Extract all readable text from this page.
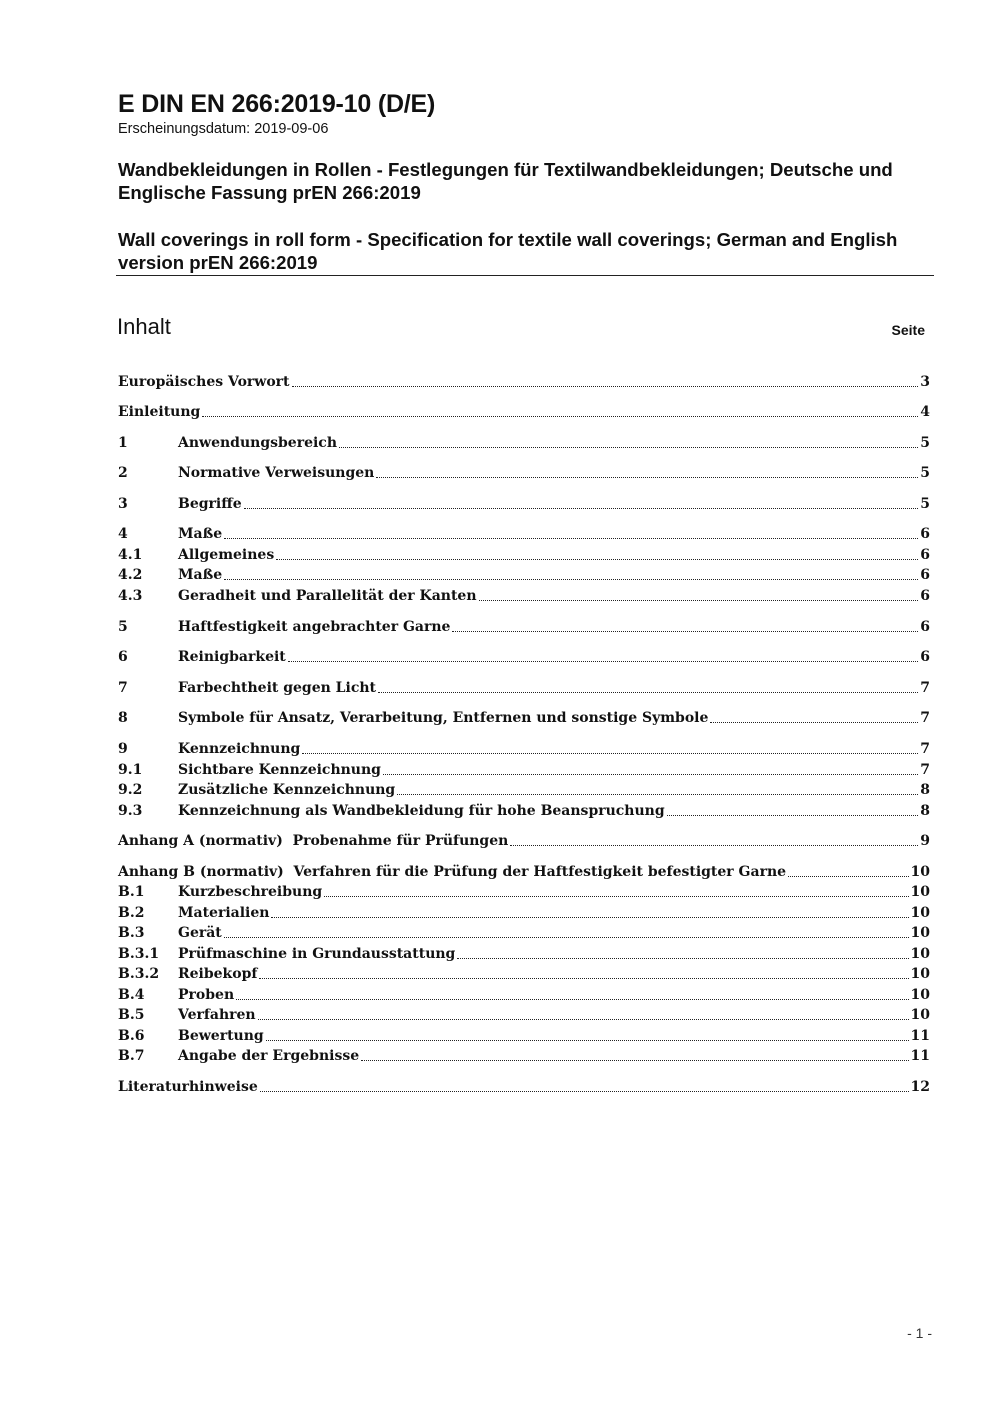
E DIN EN 266:2019-10 (D/E)
Erscheinungsdatum: 2019-09-06
Wandbekleidungen in Rollen - Festlegungen für Textilwandbekleidungen; Deutsche und Englische Fassung prEN 266:2019
Wall coverings in roll form - Specification for textile wall coverings; German and English version prEN 266:2019
Inhalt	Seite
Europäisches Vorwort	3
Einleitung	4
1	Anwendungsbereich	5
2	Normative Verweisungen	5
3	Begriffe	5
4	Maße	6
4.1	Allgemeines	6
4.2	Maße	6
4.3	Geradheit und Parallelität der Kanten	6
5	Haftfestigkeit angebrachter Garne	6
6	Reinigbarkeit	6
7	Farbechtheit gegen Licht	7
8	Symbole für Ansatz, Verarbeitung, Entfernen und sonstige Symbole	7
9	Kennzeichnung	7
9.1	Sichtbare Kennzeichnung	7
9.2	Zusätzliche Kennzeichnung	8
9.3	Kennzeichnung als Wandbekleidung für hohe Beanspruchung	8
Anhang A (normativ)  Probenahme für Prüfungen	9
Anhang B (normativ)  Verfahren für die Prüfung der Haftfestigkeit befestigter Garne	10
B.1	Kurzbeschreibung	10
B.2	Materialien	10
B.3	Gerät	10
B.3.1	Prüfmaschine in Grundausstattung	10
B.3.2	Reibekopf	10
B.4	Proben	10
B.5	Verfahren	10
B.6	Bewertung	11
B.7	Angabe der Ergebnisse	11
Literaturhinweise	12
- 1 -
